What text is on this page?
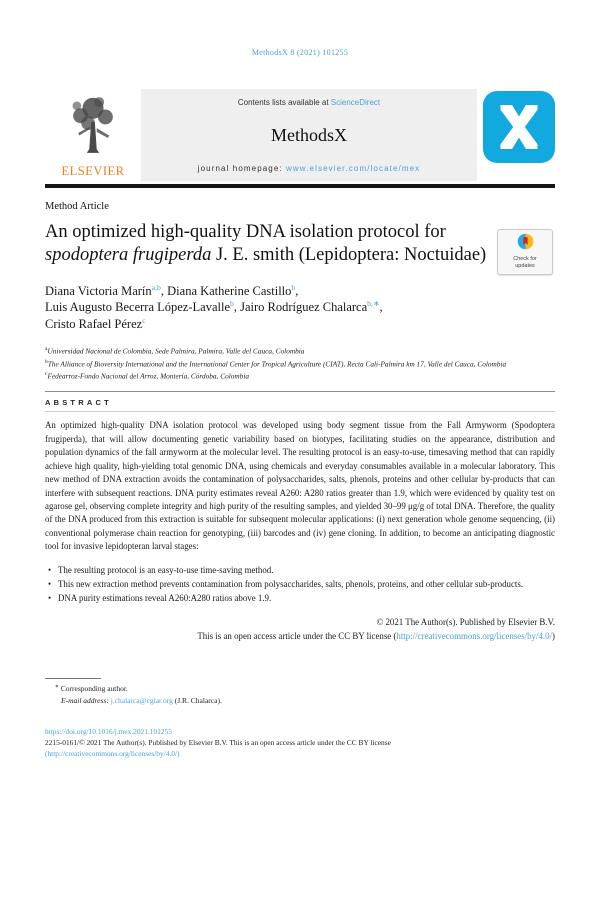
MethodsX 8 (2021) 101255
ELSEVIER
Contents lists available at ScienceDirect
MethodsX
journal homepage: www.elsevier.com/locate/mex
Method Article
An optimized high-quality DNA isolation protocol for spodoptera frugiperda J. E. smith (Lepidoptera: Noctuidae)	Check for
updates
Diana Victoria Marín$^{a,b}$, Diana Katherine Castillo$^b$,
Luis Augusto Becerra López-Lavalle$^b$, Jairo Rodríguez Chalarca$^{b,∗}$,
Cristo Rafael Pérez$^c$
$^a$Universidad Nacional de Colombia, Sede Palmira, Palmira, Valle del Cauca, Colombia
$^b$The Alliance of Bioversity International and the International Center for Tropical Agriculture (CIAT), Recta Cali-Palmira km 17, Valle del Cauca, Colombia
$^c$Fedearroz-Fondo Nacional del Arroz, Montería, Córdoba, Colombia
ABSTRACT
An optimized high-quality DNA isolation protocol was developed using body segment tissue from the Fall Armyworm (Spodoptera frugiperda), that will allow documenting genetic variability based on biotypes, facilitating studies on the appearance, distribution and population dynamics of the fall armyworm at the molecular level. The resulting protocol is an easy-to-use, timesaving method that can rapidly achieve high quality, high-yielding total genomic DNA, using chemicals and everyday consumables available in a molecular laboratory. This new method of DNA extraction avoids the contamination of polysaccharides, salts, phenols, proteins and other cellular by-products that can interfere with subsequent reactions. DNA purity estimates reveal A260: A280 ratios greater than 1.9, which were evidenced by quality test on agarose gel, observing complete integrity and high purity of the resulting samples, and yielded 30–99 μg/g of total DNA. Therefore, the quality of the DNA produced from this extraction is suitable for subsequent molecular applications: (i) next generation whole genome sequencing, (ii) conventional polymerase chain reaction for genotyping, (iii) barcodes and (iv) gene cloning. In addition, to become an anticipating diagnostic tool for invasive lepidopteran larval stages:
• The resulting protocol is an easy-to-use time-saving method.
• This new extraction method prevents contamination from polysaccharides, salts, phenols, proteins, and other cellular sub-products.
• DNA purity estimations reveal A260:A280 ratios above 1.9.
© 2021 The Author(s). Published by Elsevier B.V.
This is an open access article under the CC BY license (http://creativecommons.org/licenses/by/4.0/)
∗ Corresponding author.
E-mail address: j.chalarca@cgiar.org (J.R. Chalarca).
https://doi.org/10.1016/j.mex.2021.101255
2215-0161/© 2021 The Author(s). Published by Elsevier B.V. This is an open access article under the CC BY license
(http://creativecommons.org/licenses/by/4.0/)
